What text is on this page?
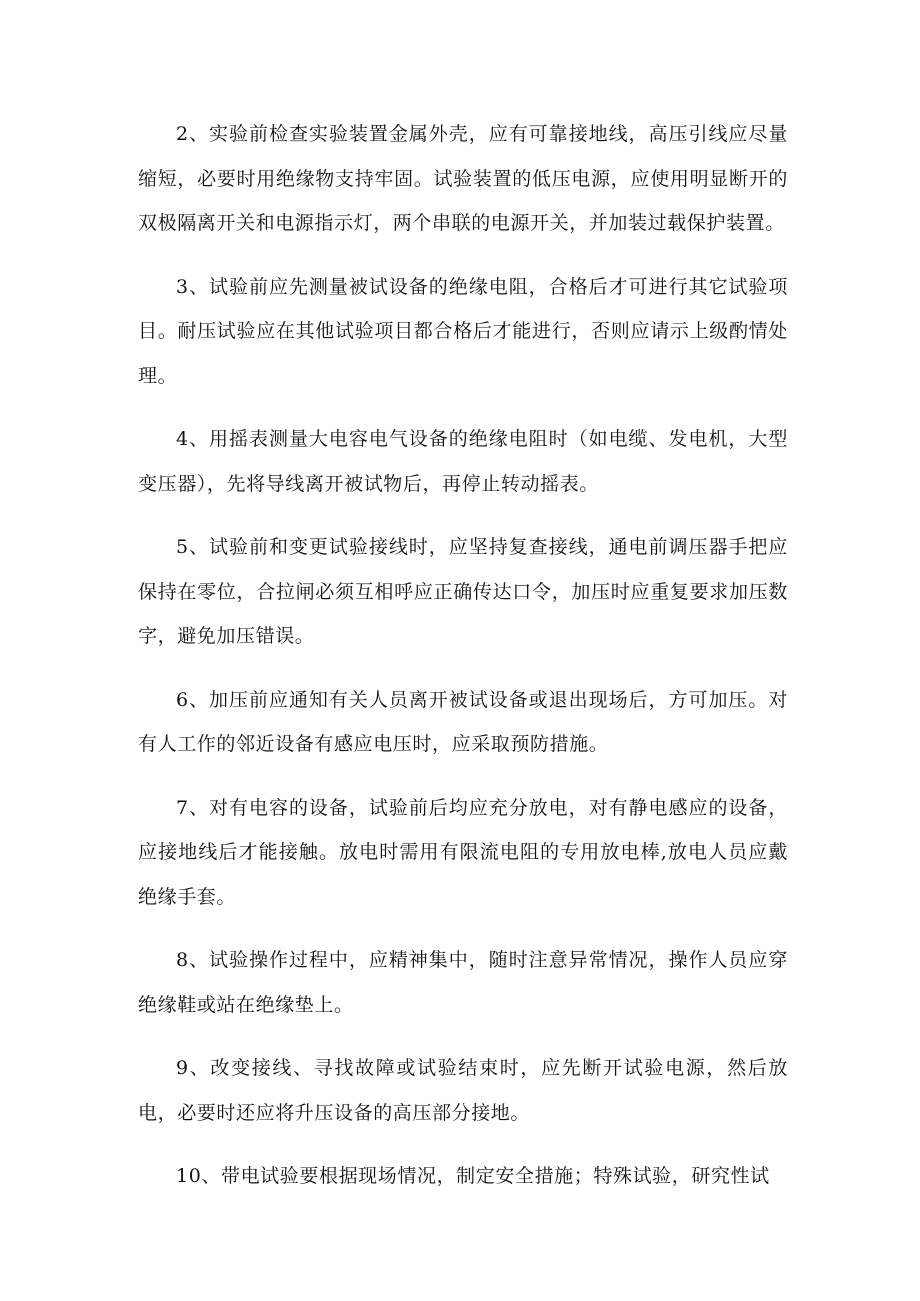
2、实验前检查实验装置金属外壳，应有可靠接地线，高压引线应尽量缩短，必要时用绝缘物支持牢固。试验装置的低压电源，应使用明显断开的双极隔离开关和电源指示灯，两个串联的电源开关，并加装过载保护装置。

3、试验前应先测量被试设备的绝缘电阻，合格后才可进行其它试验项目。耐压试验应在其他试验项目都合格后才能进行，否则应请示上级酌情处理。

4、用摇表测量大电容电气设备的绝缘电阻时（如电缆、发电机，大型变压器），先将导线离开被试物后，再停止转动摇表。

5、试验前和变更试验接线时，应坚持复查接线，通电前调压器手把应保持在零位，合拉闸必须互相呼应正确传达口令，加压时应重复要求加压数字，避免加压错误。

6、加压前应通知有关人员离开被试设备或退出现场后，方可加压。对有人工作的邻近设备有感应电压时，应采取预防措施。

7、对有电容的设备，试验前后均应充分放电，对有静电感应的设备，应接地线后才能接触。放电时需用有限流电阻的专用放电棒,放电人员应戴绝缘手套。

8、试验操作过程中，应精神集中，随时注意异常情况，操作人员应穿绝缘鞋或站在绝缘垫上。

9、改变接线、寻找故障或试验结束时，应先断开试验电源，然后放电，必要时还应将升压设备的高压部分接地。

10、带电试验要根据现场情况，制定安全措施；特殊试验，研究性试
